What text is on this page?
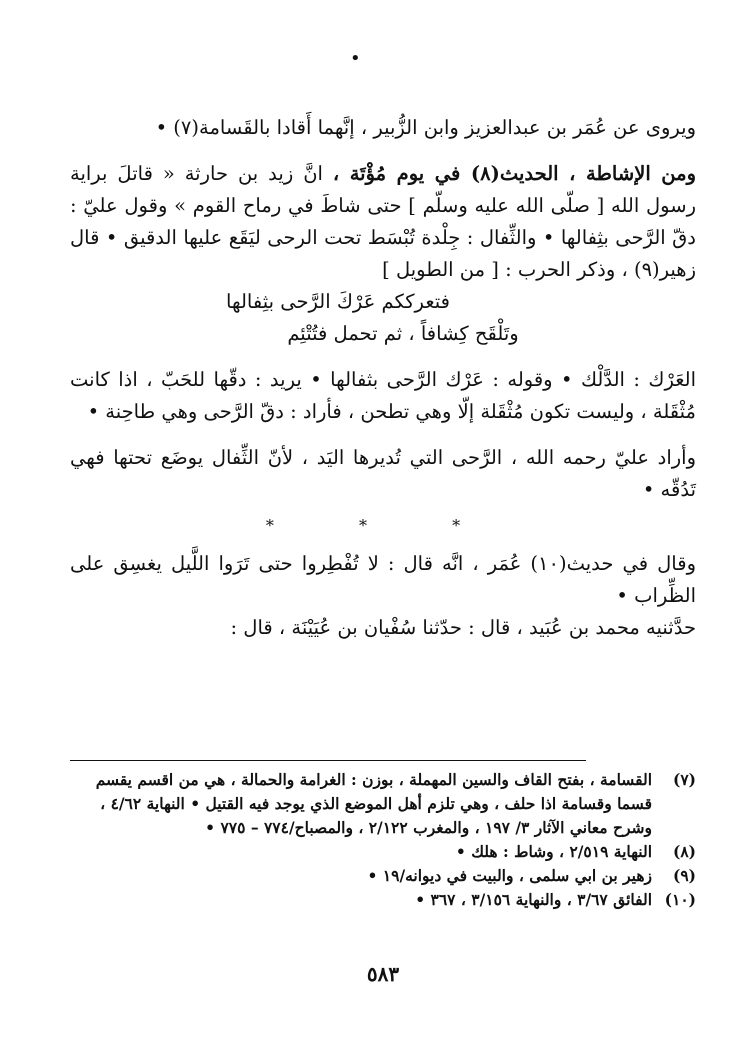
•

ويروى عن عُمَر بن عبدالعزيز وابن الزُّبير ، إنَّهما أَقادا بالقَسامة(٧) •

ومن الإشاطة ، الحديث(٨) في يوم مُؤْتَة ، انَّ زيد بن حارثة « قاتلَ براية رسول الله [ صلّى الله عليه وسلّم ] حتى شاطَ في رماح القوم » وقول عليّ : دقّ الرَّحى بثِفالها • والثِّفال : جِلْدة تُبْسَط تحت الرحى ليَقَع عليها الدقيق • قال زهير(٩) ، وذكر الحرب : [ من الطويل ]

فتعرككم عَرْكَ الرَّحى بثِفالها

وتَلْقَح كِشافاً ، ثم تحمل فتُتْئِم

العَرْك : الدَّلْك • وقوله : عَرْك الرَّحى بثفالها • يريد : دقّها للحَبّ ، اذا كانت مُثْقَلة ، وليست تكون مُثْقَلة إلّا وهي تطحن ، فأراد : دقّ الرَّحى وهي طاحِنة •

وأراد عليّ رحمه الله ، الرَّحى التي تُديرها اليَد ، لأنّ الثِّفال يوضَع تحتها فهي تَدُقّه •

* * *

وقال في حديث(١٠) عُمَر ، انَّه قال : لا تُفْطِروا حتى تَرَوا اللَّيل يغسِق على الظِّراب •

حدَّثنيه محمد بن عُبَيد ، قال : حدّثنا سُفْيان بن عُيَيْنَة ، قال :

(٧)
القسامة ، بفتح القاف والسين المهملة ، بوزن : الغرامة والحمالة ، هي من اقسم يقسم قسما وقسامة اذا حلف ، وهي تلزم أهل الموضع الذي يوجد فيه القتيل • النهاية ٤/٦٢ ، وشرح معاني الآثار ٣/ ١٩٧ ، والمغرب ٢/١٢٢ ، والمصباح/٧٧٤ – ٧٧٥ •
(٨)
النهاية ٢/٥١٩ ، وشاط : هلك •
(٩)
زهير بن ابي سلمى ، والبيت في ديوانه/١٩ •
(١٠)
الفائق ٣/٦٧ ، والنهاية ٣/١٥٦ ، ٣٦٧ •
٥٨٣
